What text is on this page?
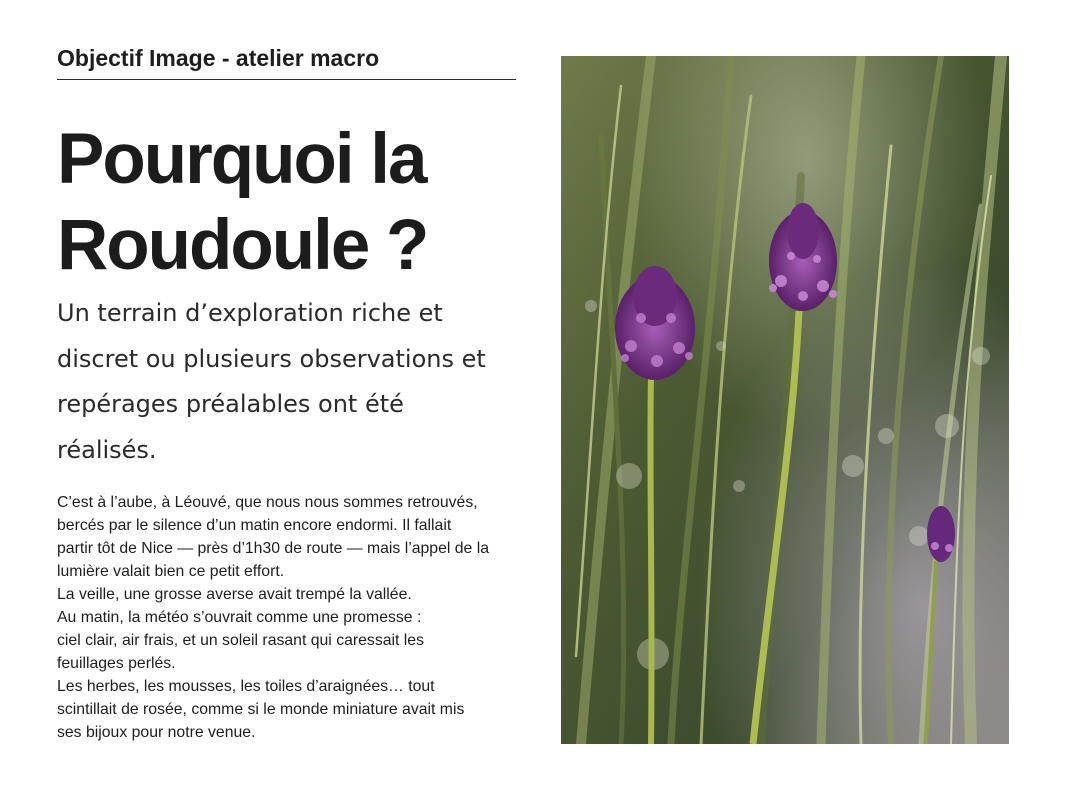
Objectif Image - atelier macro
Pourquoi la
Roudoule ?
Un terrain d’exploration riche et
discret ou plusieurs observations et
repérages préalables ont été
réalisés.
C’est à l’aube, à Léouvé, que nous nous sommes retrouvés,
bercés par le silence d’un matin encore endormi. Il fallait
partir tôt de Nice — près d’1h30 de route — mais l’appel de la
lumière valait bien ce petit effort.
La veille, une grosse averse avait trempé la vallée.
Au matin, la météo s’ouvrait comme une promesse :
ciel clair, air frais, et un soleil rasant qui caressait les
feuillages perlés.
Les herbes, les mousses, les toiles d’araignées… tout
scintillait de rosée, comme si le monde miniature avait mis
ses bijoux pour notre venue.
